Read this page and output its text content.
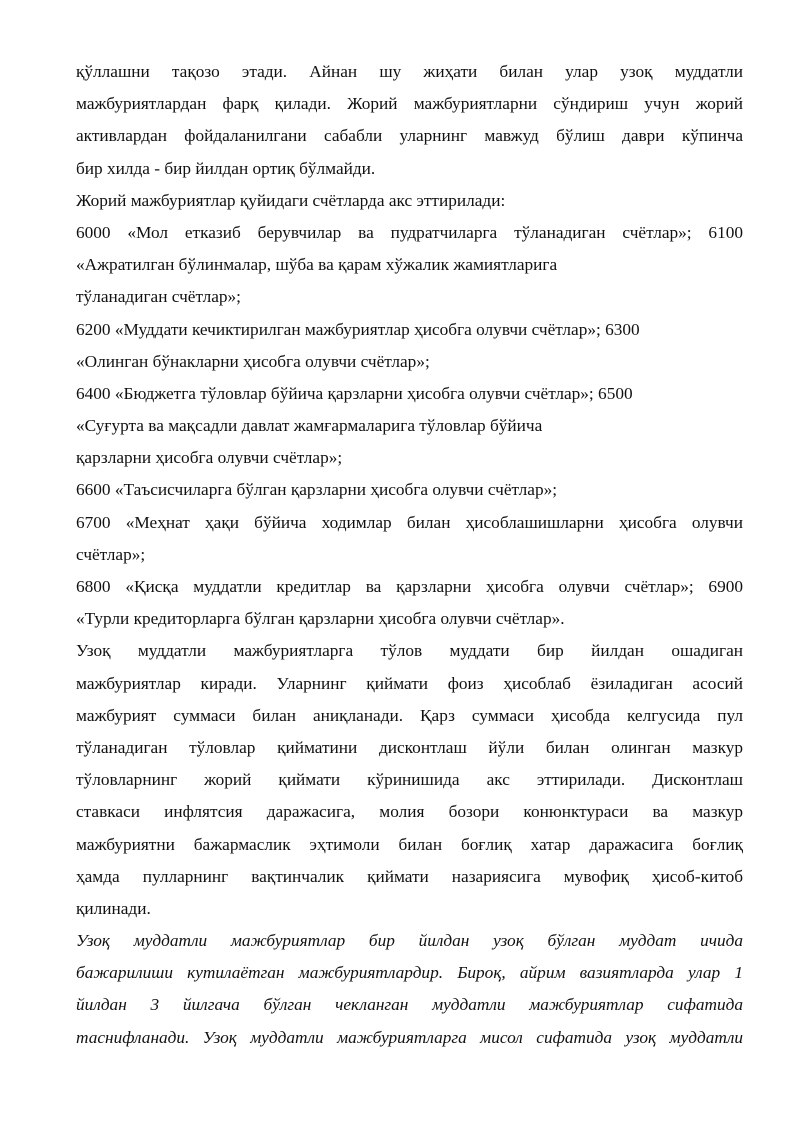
қўллашни тақозо этади. Айнан шу жиҳати билан улар узоқ муддатли
мажбуриятлардан фарқ қилади. Жорий мажбуриятларни сўндириш учун жорий
активлардан фойдаланилгани сабабли уларнинг мавжуд бўлиш даври кўпинча
бир хилда - бир йилдан ортиқ бўлмайди.
Жорий мажбуриятлар қуйидаги счётларда акс эттирилади:
6000 «Мол етказиб берувчилар ва пудратчиларга тўланадиган счётлар»; 6100
«Ажратилган бўлинмалар, шўба ва қарам хўжалик жамиятларига
тўланадиган счётлар»;
6200 «Муддати кечиктирилган мажбуриятлар ҳисобга олувчи счётлар»; 6300
«Олинган бўнакларни ҳисобга олувчи счётлар»;
6400 «Бюджетга тўловлар бўйича қарзларни ҳисобга олувчи счётлар»; 6500
«Суғурта ва мақсадли давлат жамғармаларига тўловлар бўйича
қарзларни ҳисобга олувчи счётлар»;
6600 «Таъсисчиларга бўлган қарзларни ҳисобга олувчи счётлар»;
6700 «Меҳнат ҳақи бўйича ходимлар билан ҳисоблашишларни ҳисобга олувчи
счётлар»;
6800 «Қисқа муддатли кредитлар ва қарзларни ҳисобга олувчи счётлар»; 6900
«Турли кредиторларга бўлган қарзларни ҳисобга олувчи счётлар».
Узоқ муддатли мажбуриятларга тўлов муддати бир йилдан ошадиган
мажбуриятлар киради. Уларнинг қиймати фоиз ҳисоблаб ёзиладиган асосий
мажбурият суммаси билан аниқланади. Қарз суммаси ҳисобда келгусида пул
тўланадиган тўловлар қийматини дисконтлаш йўли билан олинган мазкур
тўловларнинг жорий қиймати кўринишида акс эттирилади. Дисконтлаш
ставкаси инфлятсия даражасига, молия бозори конюнктураси ва мазкур
мажбуриятни бажармаслик эҳтимоли билан боғлиқ хатар даражасига боғлиқ
ҳамда пулларнинг вақтинчалик қиймати назариясига мувофиқ ҳисоб-китоб
қилинади.
Узоқ муддатли мажбуриятлар бир йилдан узоқ бўлган муддат ичида
бажарилиши кутилаётган мажбуриятлардир. Бироқ, айрим вазиятларда улар 1
йилдан 3 йилгача бўлган чекланган муддатли мажбуриятлар сифатида
таснифланади. Узоқ муддатли мажбуриятларга мисол сифатида узоқ муддатли
